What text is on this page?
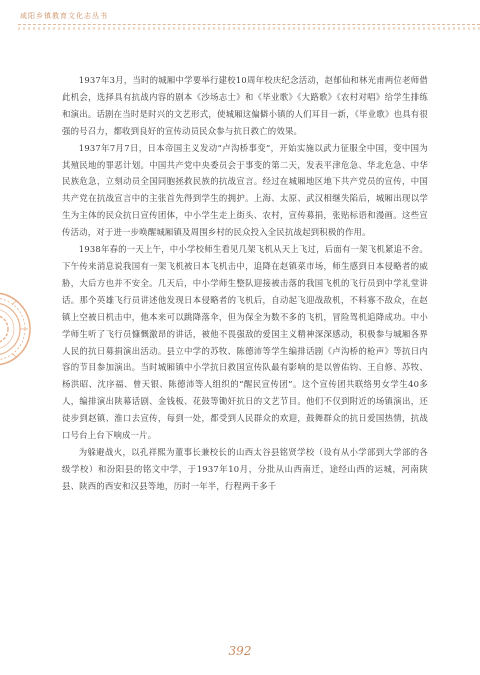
咸阳乡镇教育文化志丛书

1937年3月，当时的城厢中学要举行建校10周年校庆纪念活动，赵郁仙和林光甫两位老师借此机会，选择具有抗战内容的剧本《沙场志士》和《毕业歌》《大路歌》《农村对唱》给学生排练和演出。话剧在当时是时兴的文艺形式，使城厢这偏僻小镇的人们耳目一新，《毕业歌》也具有很强的号召力，都收到良好的宣传动员民众参与抗日救亡的效果。

1937年7月7日，日本帝国主义发动“卢沟桥事变”，开始实施以武力征服全中国，变中国为其殖民地的罪恶计划。中国共产党中央委员会于事变的第二天，发表平津危急、华北危急、中华民族危急，立刻动员全国同胞拯救民族的抗战宣言。经过在城厢地区地下共产党员的宣传，中国共产党在抗战宣言中的主张首先得到学生的拥护。上海、太原、武汉相继失陷后，城厢出现以学生为主体的民众抗日宣传团体，中小学生走上街头、农村，宣传募捐，张贴标语和漫画。这些宣传活动，对于进一步唤醒城厢镇及周围乡村的民众投入全民抗战起到积极的作用。

1938年春的一天上午，中小学校师生看见几架飞机从天上飞过，后面有一架飞机紧追不舍。下午传来消息说我国有一架飞机被日本飞机击中，追降在赵镇菜市场，师生感到日本侵略者的威胁，大后方也并不安全。几天后，中小学师生整队迎接被击落的我国飞机的飞行员到中学礼堂讲话。那个英雄飞行员讲述他发现日本侵略者的飞机后，自动起飞迎战敌机，不料寡不敌众，在赵镇上空被日机击中，他本来可以跳降落伞，但为保全为数不多的飞机，冒险驾机追降成功。中小学师生听了飞行员慷慨激昂的讲话，被他不畏强敌的爱国主义精神深深感动，积极参与城厢各界人民的抗日募捐演出活动。县立中学的苏牧、陈德沛等学生编排话剧《卢沟桥的枪声》等抗日内容的节目参加演出。当时城厢镇中小学抗日救国宣传队最有影响的是以曾佑钧、王自修、苏牧、杨洪昭、沈序福、曾天银、陈德沛等人组织的“醒民宣传团”。这个宣传团共联络男女学生40多人，编排演出陕幕话剧、金钱板、花鼓等锄奸抗日的文艺节目。他们不仅到附近的场镇演出，还徒步到赵镇、淮口去宣传，每到一处，都受到人民群众的欢迎，鼓舞群众的抗日爱国热情，抗战口号台上台下响成一片。

为躲避战火，以孔祥熙为董事长兼校长的山西太谷县铭贤学校（设有从小学部到大学部的各级学校）和汾阳县的铭文中学，于1937年10月，分批从山西南迁，途经山西的运城，河南陕县、陕西的西安和汉县等地，历时一年半，行程两千多千

392
